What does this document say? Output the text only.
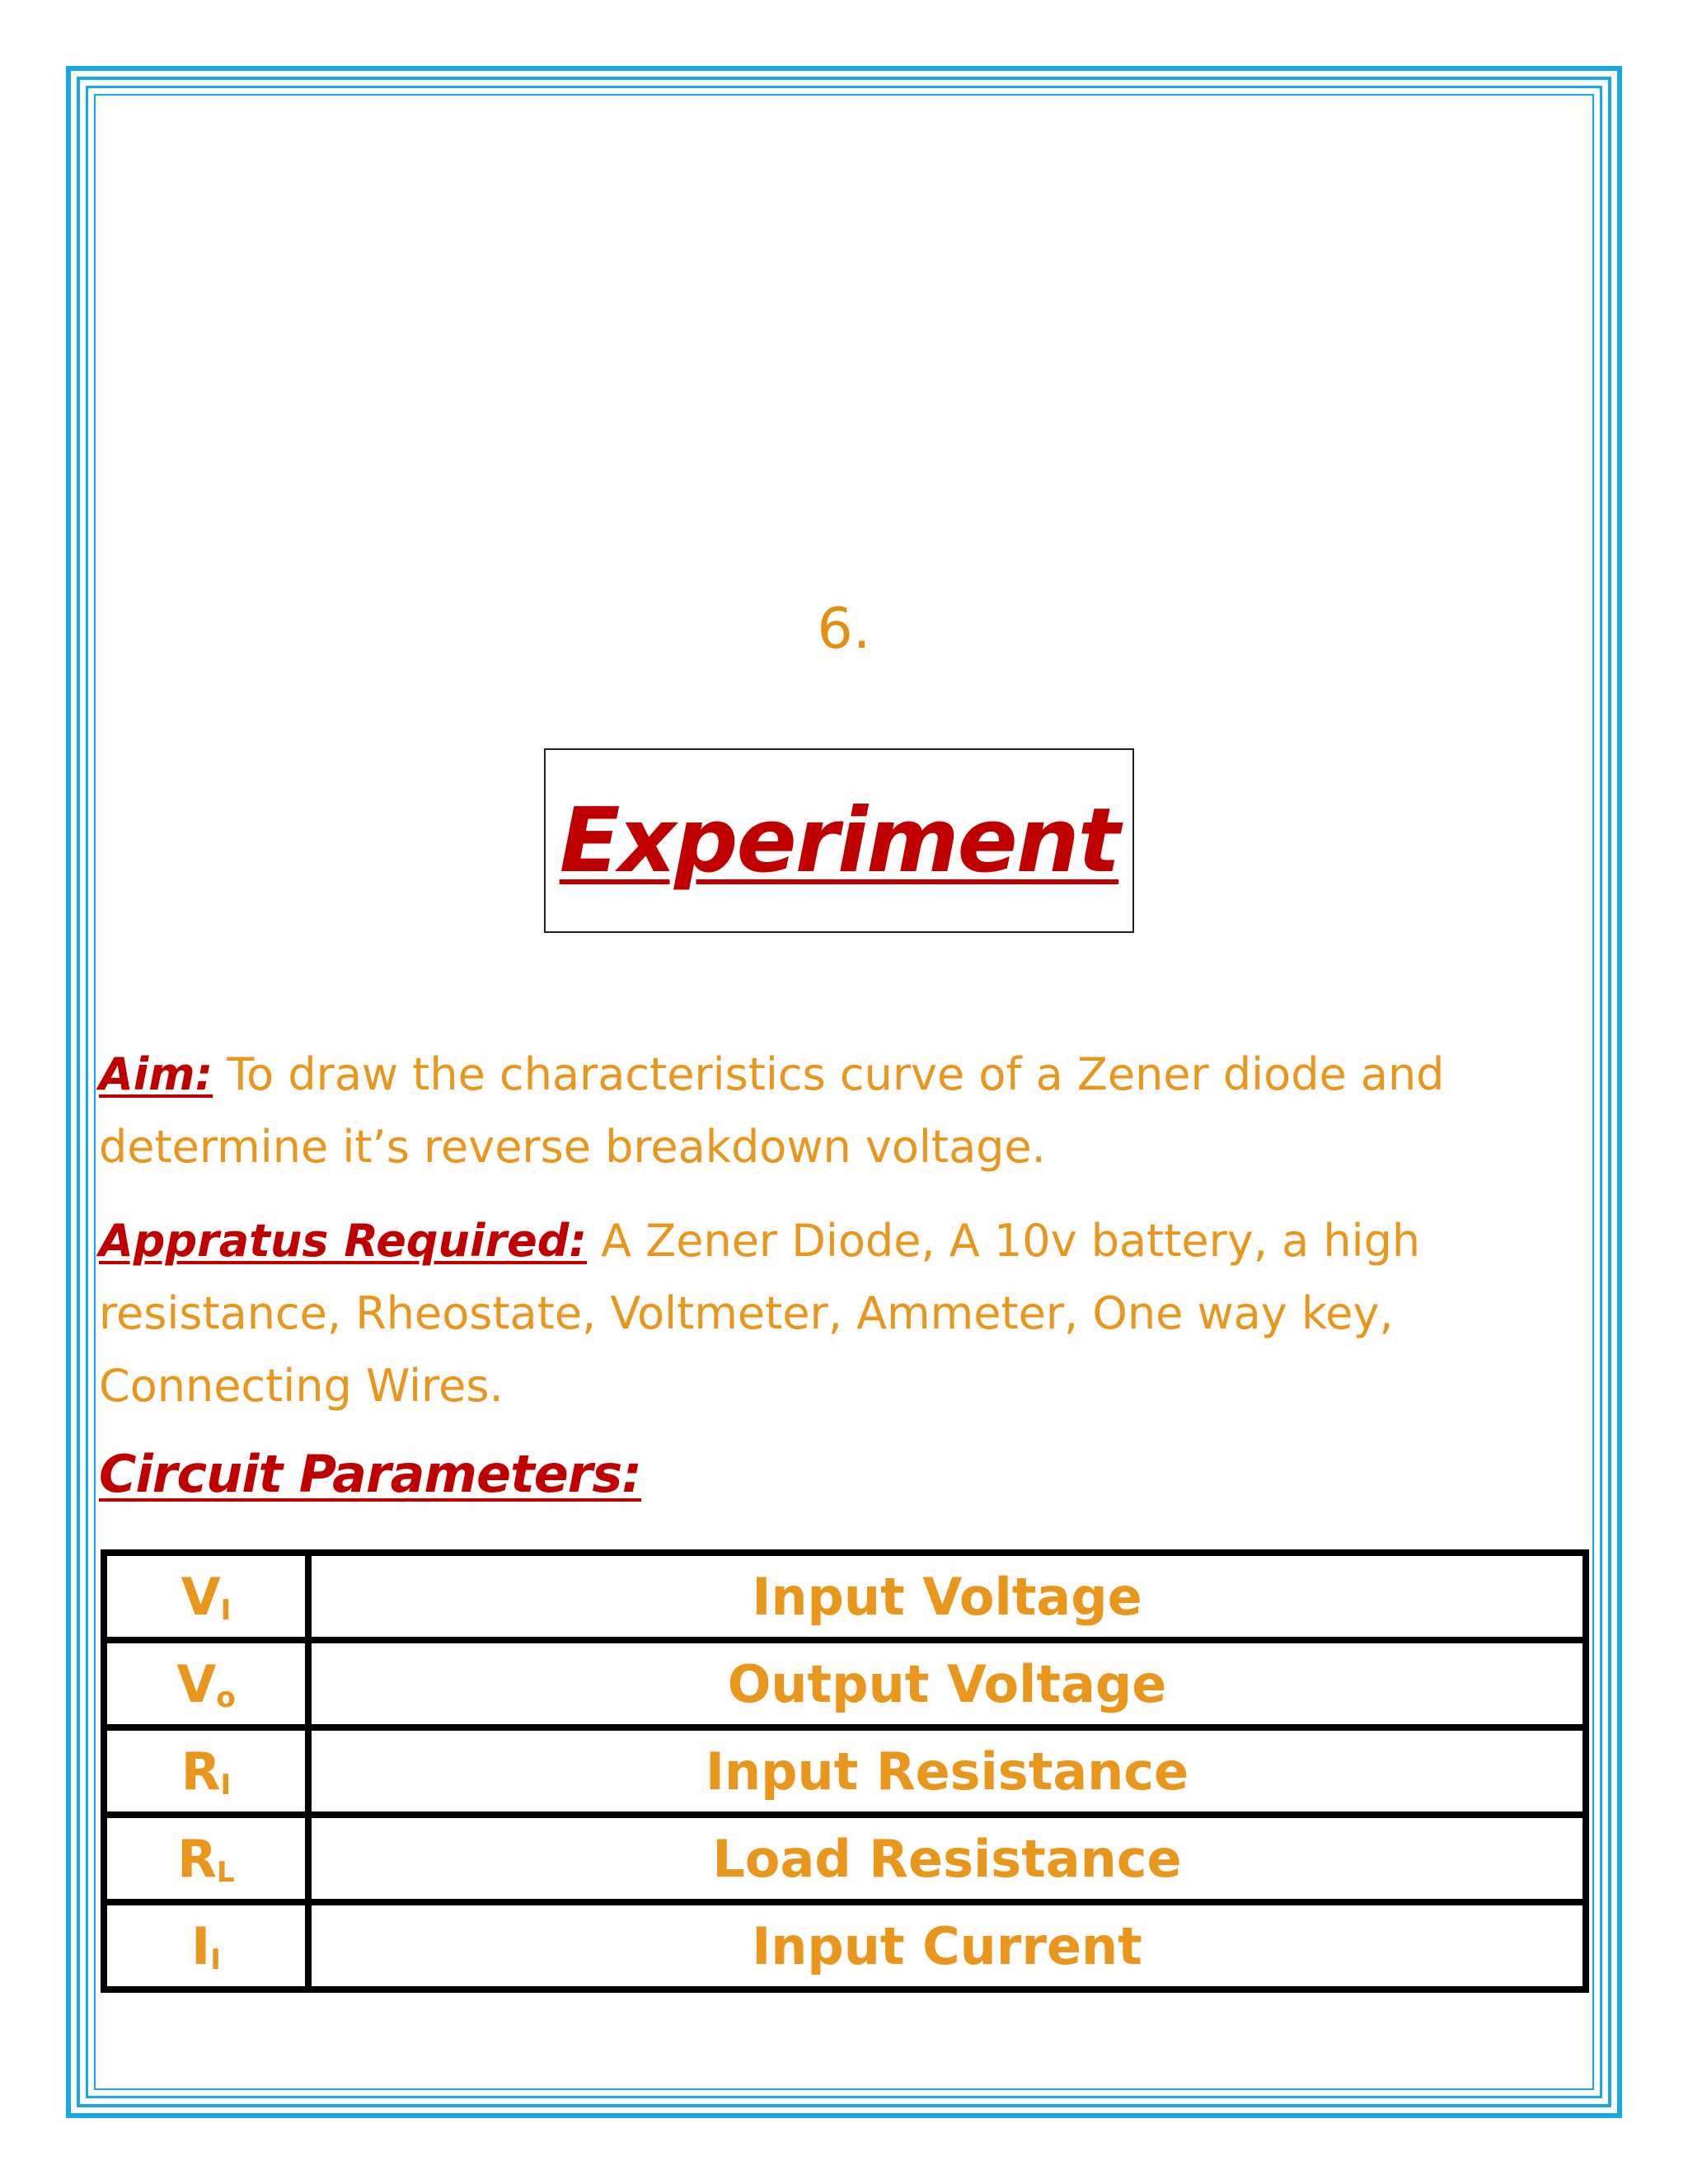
6.
Experiment
Aim: To draw the characteristics curve of a Zener diode and
determine it’s reverse breakdown voltage.
Appratus Required: A Zener Diode, A 10v battery, a high
resistance, Rheostate, Voltmeter, Ammeter, One way key,
Connecting Wires.
Circuit Parameters:
$V_I$	Input Voltage
$V_o$	Output Voltage
$R_I$	Input Resistance
$R_L$	Load Resistance
$I_I$	Input Current
